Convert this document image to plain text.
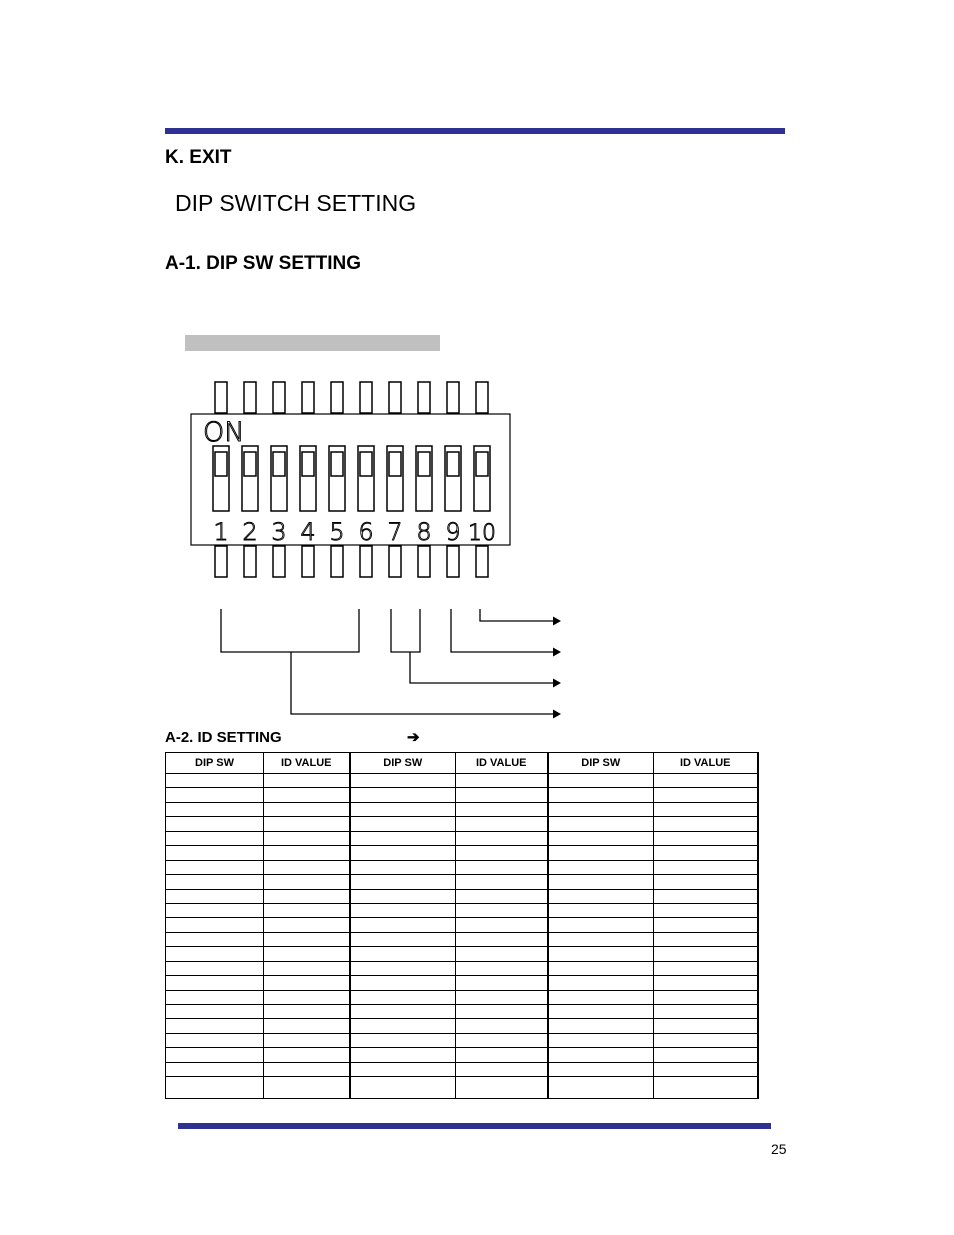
K. EXIT
DIP SWITCH SETTING
A-1. DIP SW SETTING
ON
1 2 3 4 5 6 7 8 9 10
A-2. ID SETTING	➔
DIP SW	ID VALUE	DIP SW	ID VALUE	DIP SW	ID VALUE

25
